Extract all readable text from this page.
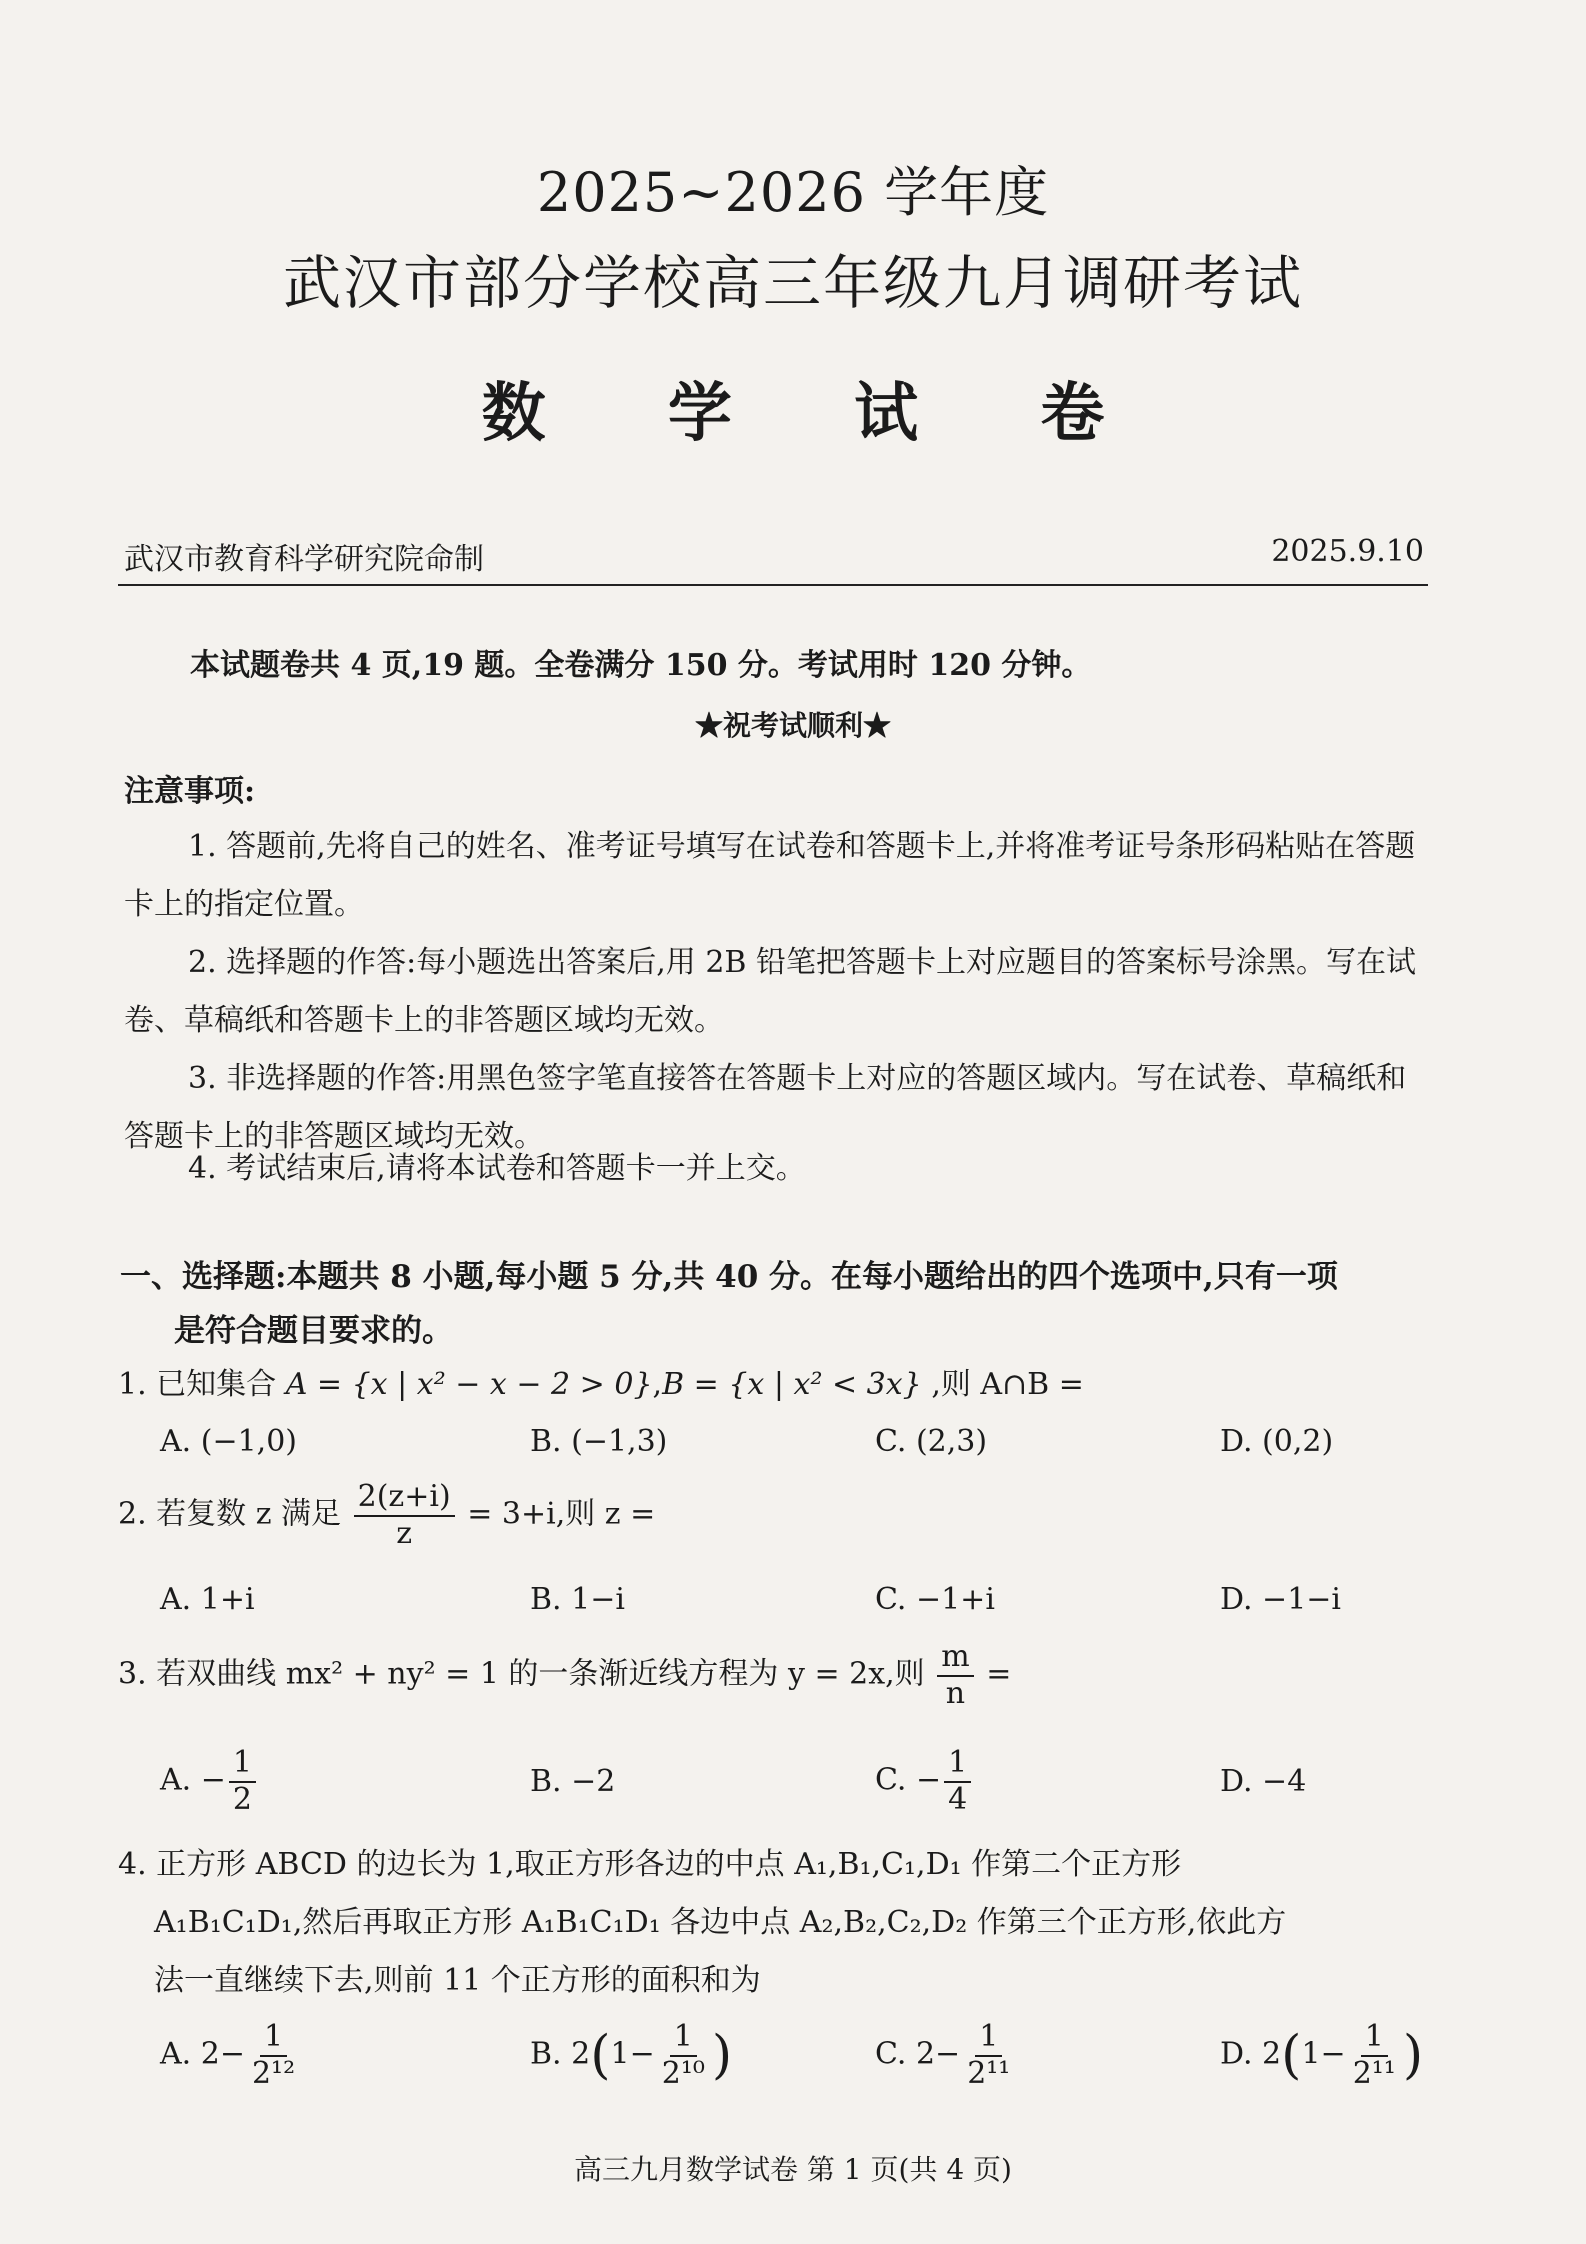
2025~2026 学年度
武汉市部分学校高三年级九月调研考试
数 学 试 卷
武汉市教育科学研究院命制	2025.9.10
本试题卷共 4 页,19 题。全卷满分 150 分。考试用时 120 分钟。
★祝考试顺利★
注意事项:

1. 答题前,先将自己的姓名、准考证号填写在试卷和答题卡上,并将准考证号条形码粘贴在答题卡上的指定位置。

2. 选择题的作答:每小题选出答案后,用 2B 铅笔把答题卡上对应题目的答案标号涂黑。写在试卷、草稿纸和答题卡上的非答题区域均无效。

3. 非选择题的作答:用黑色签字笔直接答在答题卡上对应的答题区域内。写在试卷、草稿纸和答题卡上的非答题区域均无效。

4. 考试结束后,请将本试卷和答题卡一并上交。

一、选择题:本题共 8 小题,每小题 5 分,共 40 分。在每小题给出的四个选项中,只有一项
是符合题目要求的。
1. 已知集合 A = {x | x² − x − 2 > 0},B = {x | x² < 3x} ,则 A∩B =
A. (−1,0)	B. (−1,3)	C. (2,3)	D. (0,2)
2. 若复数 z 满足 $\frac{2(z+i)}{z} = 3+i$,则 z =
A. 1+i	B. 1−i	C. −1+i	D. −1−i
3. 若双曲线 mx² + ny² = 1 的一条渐近线方程为 y = 2x,则 $\frac{m}{n}$ =
A. − $\frac{1}{2}$	B. −2	C. − $\frac{1}{4}$	D. −4
4. 正方形 ABCD 的边长为 1,取正方形各边的中点 A₁,B₁,C₁,D₁ 作第二个正方形
A₁B₁C₁D₁,然后再取正方形 A₁B₁C₁D₁ 各边中点 A₂,B₂,C₂,D₂ 作第三个正方形,依此方
法一直继续下去,则前 11 个正方形的面积和为
A. $2- \frac{1}{\text{2¹²}}$	B. $2(1- \frac{1}{\text{2¹⁰}}$ )	C. $2- \frac{1}{\text{2¹¹}}$	D. $2(1- \frac{1}{\text{2¹¹}}$ )
高三九月数学试卷 第 1 页(共 4 页)
